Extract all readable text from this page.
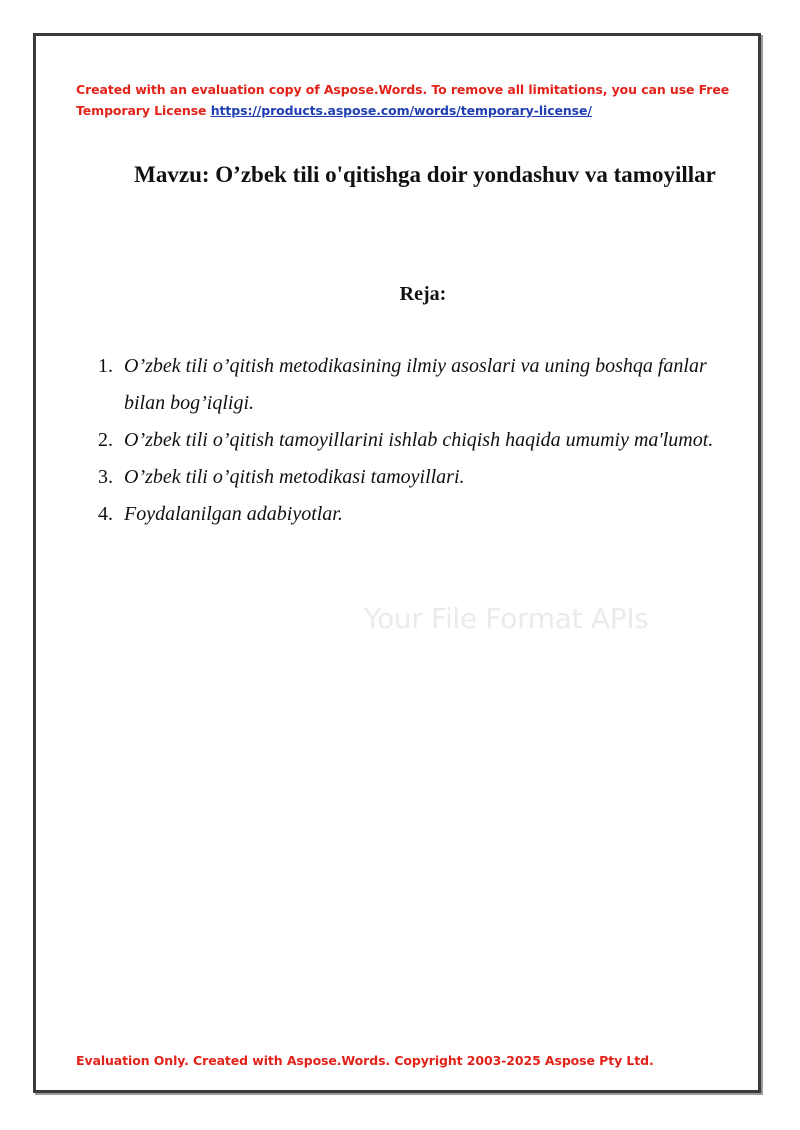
Created with an evaluation copy of Aspose.Words. To remove all limitations, you can use Free Temporary License https://products.aspose.com/words/temporary-license/
Mavzu: O’zbek tili o'qitishga doir yondashuv va tamoyillar
Reja:
1. O’zbek tili o’qitish metodikasining ilmiy asoslari va uning boshqa fanlar bilan bog’iqligi.
2. O’zbek tili o’qitish tamoyillarini ishlab chiqish haqida umumiy ma'lumot.
3. O’zbek tili o’qitish metodikasi tamoyillari.
4. Foydalanilgan adabiyotlar.
Your File Format APIs
Evaluation Only. Created with Aspose.Words. Copyright 2003-2025 Aspose Pty Ltd.
